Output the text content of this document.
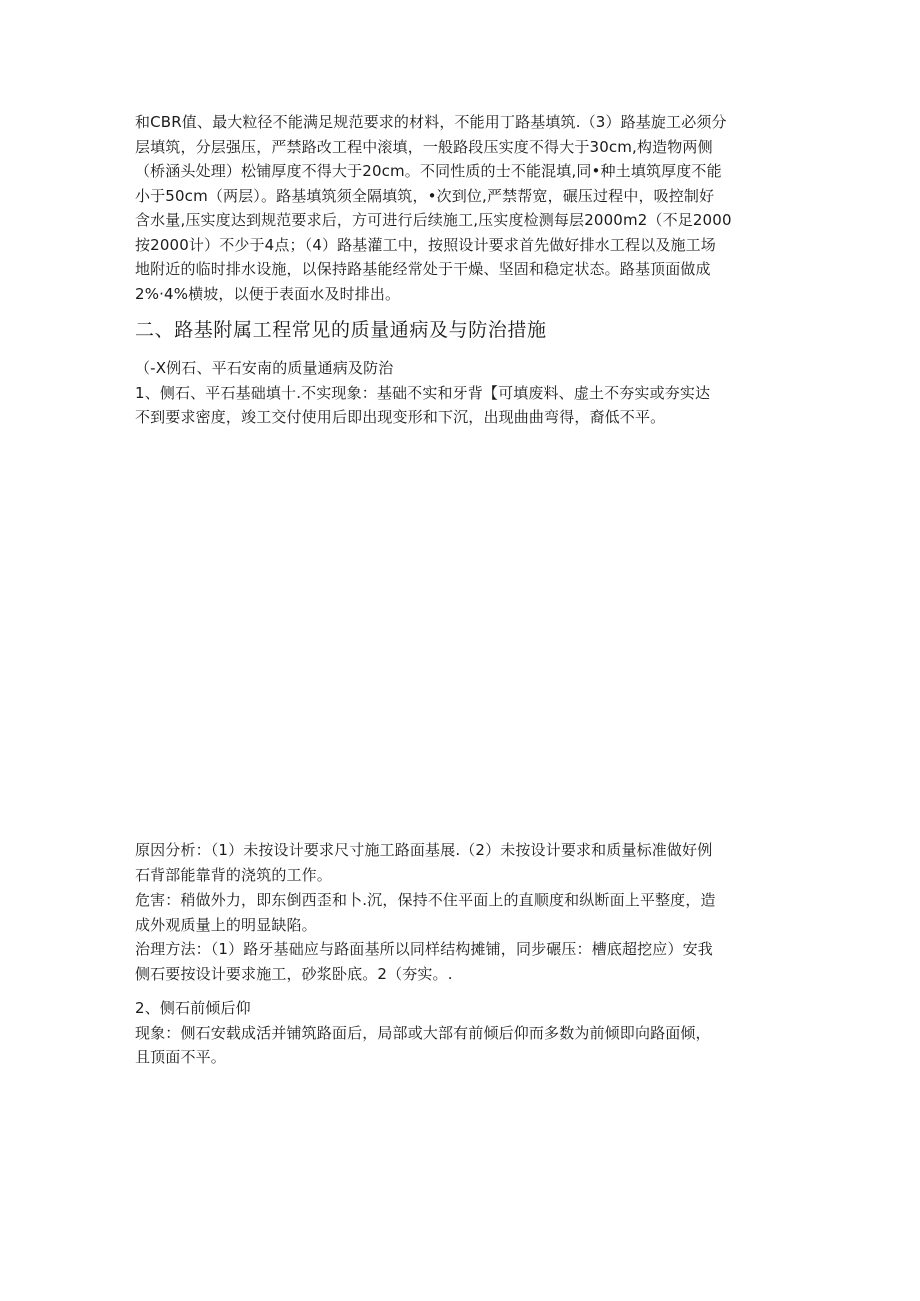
和CBR值、最大粒径不能满足规范要求的材料，不能用丁路基填筑.（3）路基旋工必须分
层填筑，分层强压，严禁路改工程中滚填，一般路段压实度不得大于30cm,构造物两侧
（桥涵头处理）松铺厚度不得大于20cm。不同性质的士不能混填,同•种土填筑厚度不能
小于50cm（两层）。路基填筑须全隔填筑，•次到位,严禁帮宽，碾压过程中，吸控制好
含水量,压实度达到规范要求后，方可进行后续施工,压实度检测每层2000m2（不足2000
按2000计）不少于4点；（4）路基灌工中，按照设计要求首先做好排水工程以及施工场
地附近的临时排水设施，以保持路基能经常处于干燥、坚固和稳定状态。路基顶面做成
2%·4%横坡，以便于表面水及时排出。
二、路基附属工程常见的质量通病及与防治措施
（-X例石、平石安南的质量通病及防治
1、侧石、平石基础填十.不实现象：基础不实和牙背【可填废料、虚土不夯实或夯实达
不到要求密度，竣工交付使用后即出现变形和下沉，出现曲曲弯得，裔低不平。
原因分析：（1）未按设计要求尺寸施工路面基展.（2）未按设计要求和质量标准做好例
石背部能靠背的浇筑的工作。
危害：稍做外力，即东倒西歪和卜.沉，保持不住平面上的直顺度和纵断面上平整度，造
成外观质量上的明显缺陷。
治理方法：（1）路牙基础应与路面基所以同样结构摊铺，同步碾压：槽底超挖应）安我
侧石要按设计要求施工，砂浆卧底。2（夯实。.
2、侧石前倾后仰
现象：侧石安载成活并铺筑路面后，局部或大部有前倾后仰而多数为前倾即向路面倾，
且顶面不平。
